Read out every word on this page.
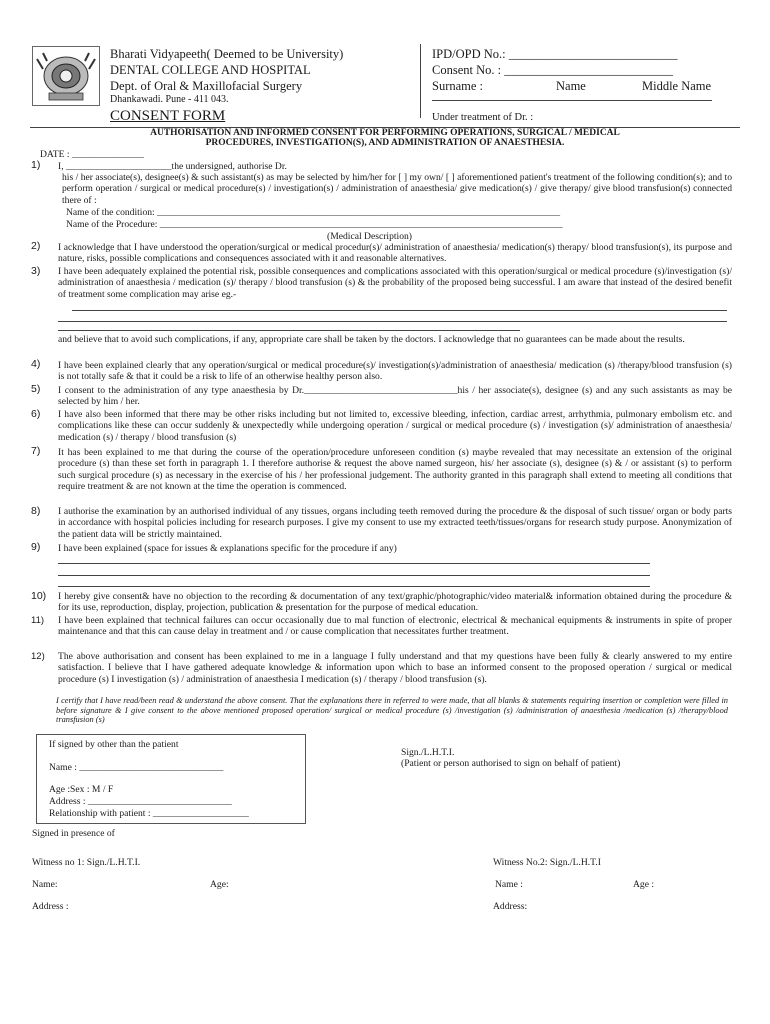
Bharati Vidyapeeth( Deemed to be University)
DENTAL COLLEGE AND HOSPITAL
Dept. of Oral & Maxillofacial Surgery
Dhankawadi. Pune - 411 043.
IPD/OPD No.: ___________________________
Consent No. : ___________________________
Surname :	Name	Middle Name
CONSENT FORM	Under treatment of Dr. :
AUTHORISATION AND INFORMED CONSENT FOR PERFORMING OPERATIONS, SURGICAL / MEDICAL
PROCEDURES, INVESTIGATION(S), AND ADMINISTRATION OF ANAESTHESIA.
DATE : _______________
1) I, ______________________the undersigned, authorise Dr.
his / her associate(s), designee(s) & such assistant(s) as may be selected by him/her for [ ] my own/ [ ] aforementioned patient's treatment of the following condition(s); and to perform operation / surgical or medical procedure(s) / investigation(s) / administration of anaesthesia/ give medication(s) / give therapy/ give blood transfusion(s) connected there of :
Name of the condition: ____________________________________________________________________________________
Name of the Procedure: ____________________________________________________________________________________
(Medical Description)
2) I acknowledge that I have understood the operation/surgical or medical procedur(s)/ administration of anaesthesia/ medication(s) therapy/ blood transfusion(s), its purpose and nature, risks, possible complications and consequences associated with it and reasonable alternatives.
3) I have been adequately explained the potential risk, possible consequences and complications associated with this operation/surgical or medical procedure (s)/investigation (s)/ administration of anaesthesia / medication (s)/ therapy / blood transfusion (s) & the probability of the proposed being successful. I am aware that instead of the desired benefit of treatment some complication may arise eg.-
and believe that to avoid such complications, if any, appropriate care shall be taken by the doctors. I acknowledge that no guarantees can be made about the results.
4) I have been explained clearly that any operation/surgical or medical procedure(s)/ investigation(s)/administration of anaesthesia/ medication (s) /therapy/blood transfusion (s) is not totally safe & that it could be a risk to life of an otherwise healthy person also.
5) I consent to the administration of any type anaesthesia by Dr.________________________________his / her associate(s), designee (s) and any such assistants as may be selected by him / her.
6) I have also been informed that there may be other risks including but not limited to, excessive bleeding, infection, cardiac arrest, arrhythmia, pulmonary embolism etc. and complications like these can occur suddenly & unexpectedly while undergoing operation / surgical or medical procedure (s) / investigation (s)/ administration of anaesthesia/ medication (s) / therapy / blood transfusion (s)
7) It has been explained to me that during the course of the operation/procedure unforeseen condition (s) maybe revealed that may necessitate an extension of the original procedure (s) than these set forth in paragraph 1. I therefore authorise & request the above named surgeon, his/ her associate (s), designee (s) & / or assistant (s) to perform such surgical procedure (s) as necessary in the exercise of his / her professional judgement. The authority granted in this paragraph shall extend to meeting all conditions that require treatment & are not known at the time the operation is commenced.
8) I authorise the examination by an authorised individual of any tissues, organs including teeth removed during the procedure & the disposal of such tissue/ organ or body parts in accordance with hospital policies including for research purposes. I give my consent to use my extracted teeth/tissues/organs for research study purpose. Anonymization of the patient data will be strictly maintained.
9) I have been explained (space for issues & explanations specific for the procedure if any)
10) I hereby give consent& have no objection to the recording & documentation of any text/graphic/photographic/video material& information obtained during the procedure & for its use, reproduction, display, projection, publication & presentation for the purpose of medical education.
11) I have been explained that technical failures can occur occasionally due to mal function of electronic, electrical & mechanical equipments & instruments in spite of proper maintenance and that this can cause delay in treatment and / or cause complication that necessitates further treatment.
12) The above authorisation and consent has been explained to me in a language I fully understand and that my questions have been fully & clearly answered to my entire satisfaction. I believe that I have gathered adequate knowledge & information upon which to base an informed consent to the proposed operation / surgical or medical procedure (s) I investigation (s) / administration of anaesthesia I medication (s) / therapy / blood transfusion (s).
I certify that I have read/been read & understand the above consent. That the explanations there in referred to were made, that all blanks & statements requiring insertion or completion were filled in before signature & I give consent to the above mentioned proposed operation/ surgical or medical procedure (s) /investigation (s) /administration of anaesthesia /medication (s) /therapy/blood transfusion (s)
If signed by other than the patient
Name : ______________________________
Age :Sex : M / F
Address : ______________________________
Relationship with patient : ____________________
Sign./L.H.T.I.
(Patient or person authorised to sign on behalf of patient)
Signed in presence of
Witness no 1: Sign./L.H.T.I.
Name:	Age:
Address :
Witness No.2: Sign./L.H.T.I
Name :	Age :
Address:
